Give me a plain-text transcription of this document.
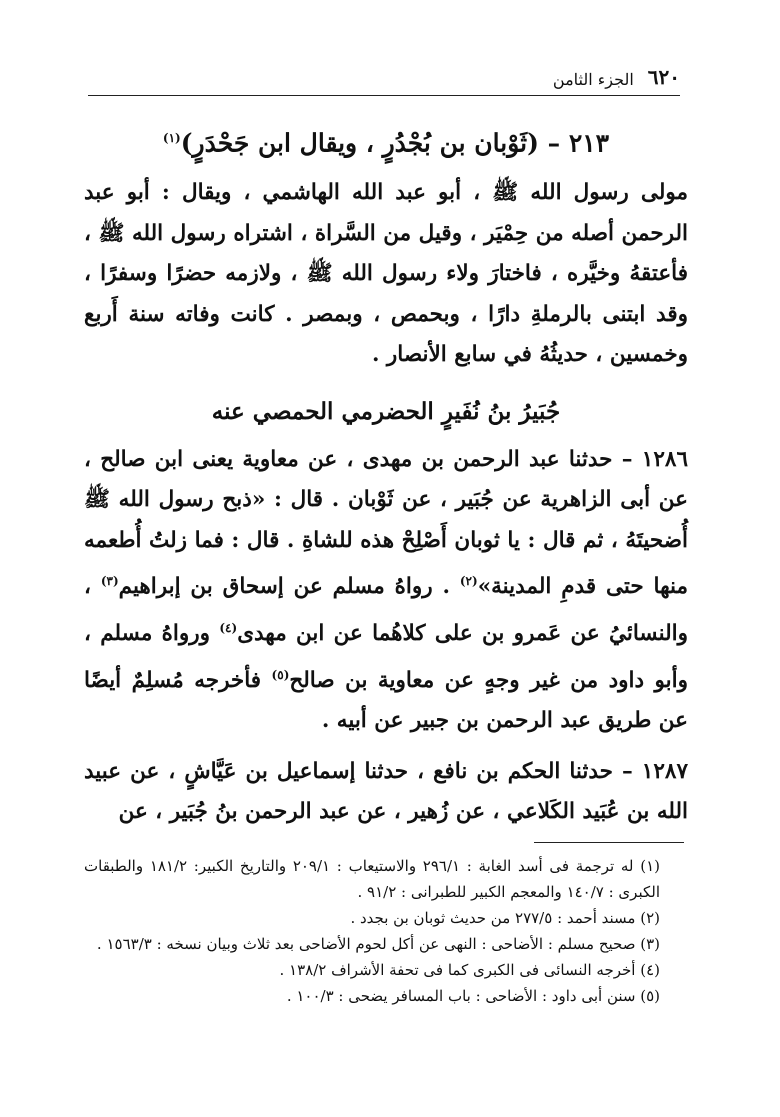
٦٢٠
الجزء الثامن
٢١٣ – (ثَوْبان بن بُجْدُرٍ ، ويقال ابن جَحْدَرٍ)$^{(١)}$

مولى رسول الله ﷺ ، أبو عبد الله الهاشمي ، ويقال : أبو عبد الرحمن أصله من حِمْيَر ، وقيل من السَّراة ، اشتراه رسول الله ﷺ ، فأعتقهُ وخيَّره ، فاختارَ ولاء رسول الله ﷺ ، ولازمه حضرًا وسفرًا ، وقد ابتنى بالرملةِ دارًا ، وبحمص ، وبمصر . كانت وفاته سنة أَربع وخمسين ، حديثُهُ في سابع الأنصار .

جُبَيرُ بنُ نُفَيرٍ الحضرمي الحمصي عنه

١٢٨٦ – حدثنا عبد الرحمن بن مهدى ، عن معاوية يعنى ابن صالح ، عن أبى الزاهرية عن جُبَير ، عن ثَوْبان . قال : «ذبح رسول الله ﷺ أُضحيتَهُ ، ثم قال : يا ثوبان أَصْلِحْ هذه للشاةِ . قال : فما زلتُ أُطعمه منها حتى قدمِ المدينة»$^{(٢)}$ . رواهُ مسلم عن إسحاق بن إبراهيم$^{(٣)}$ ، والنسائيُ عن عَمرو بن على كلاهُما عن ابن مهدى$^{(٤)}$ ورواهُ مسلم ، وأبو داود من غير وجهٍ عن معاوية بن صالح$^{(٥)}$ فأخرجه مُسلِمٌ أيضًا عن طريق عبد الرحمن بن جبير عن أبيه .

١٢٨٧ – حدثنا الحكم بن نافع ، حدثنا إسماعيل بن عَيَّاشٍ ، عن عبيد الله بن عُبَيد الكَلاعي ، عن زُهير ، عن عبد الرحمن بنُ جُبَير ، عن

(١) له ترجمة فى أسد الغابة : ٢٩٦/١ والاستيعاب : ٢٠٩/١ والتاريخ الكبير: ١٨١/٢ والطبقات الكبرى : ١٤٠/٧ والمعجم الكبير للطبرانى : ٩١/٢ .

(٢) مسند أحمد : ٢٧٧/٥ من حديث ثوبان بن بجدد .

(٣) صحيح مسلم : الأضاحى : النهى عن أكل لحوم الأضاحى بعد ثلاث وبيان نسخه : ١٥٦٣/٣ .

(٤) أخرجه النسائى فى الكبرى كما فى تحفة الأشراف ١٣٨/٢ .

(٥) سنن أبى داود : الأضاحى : باب المسافر يضحى : ١٠٠/٣ .
